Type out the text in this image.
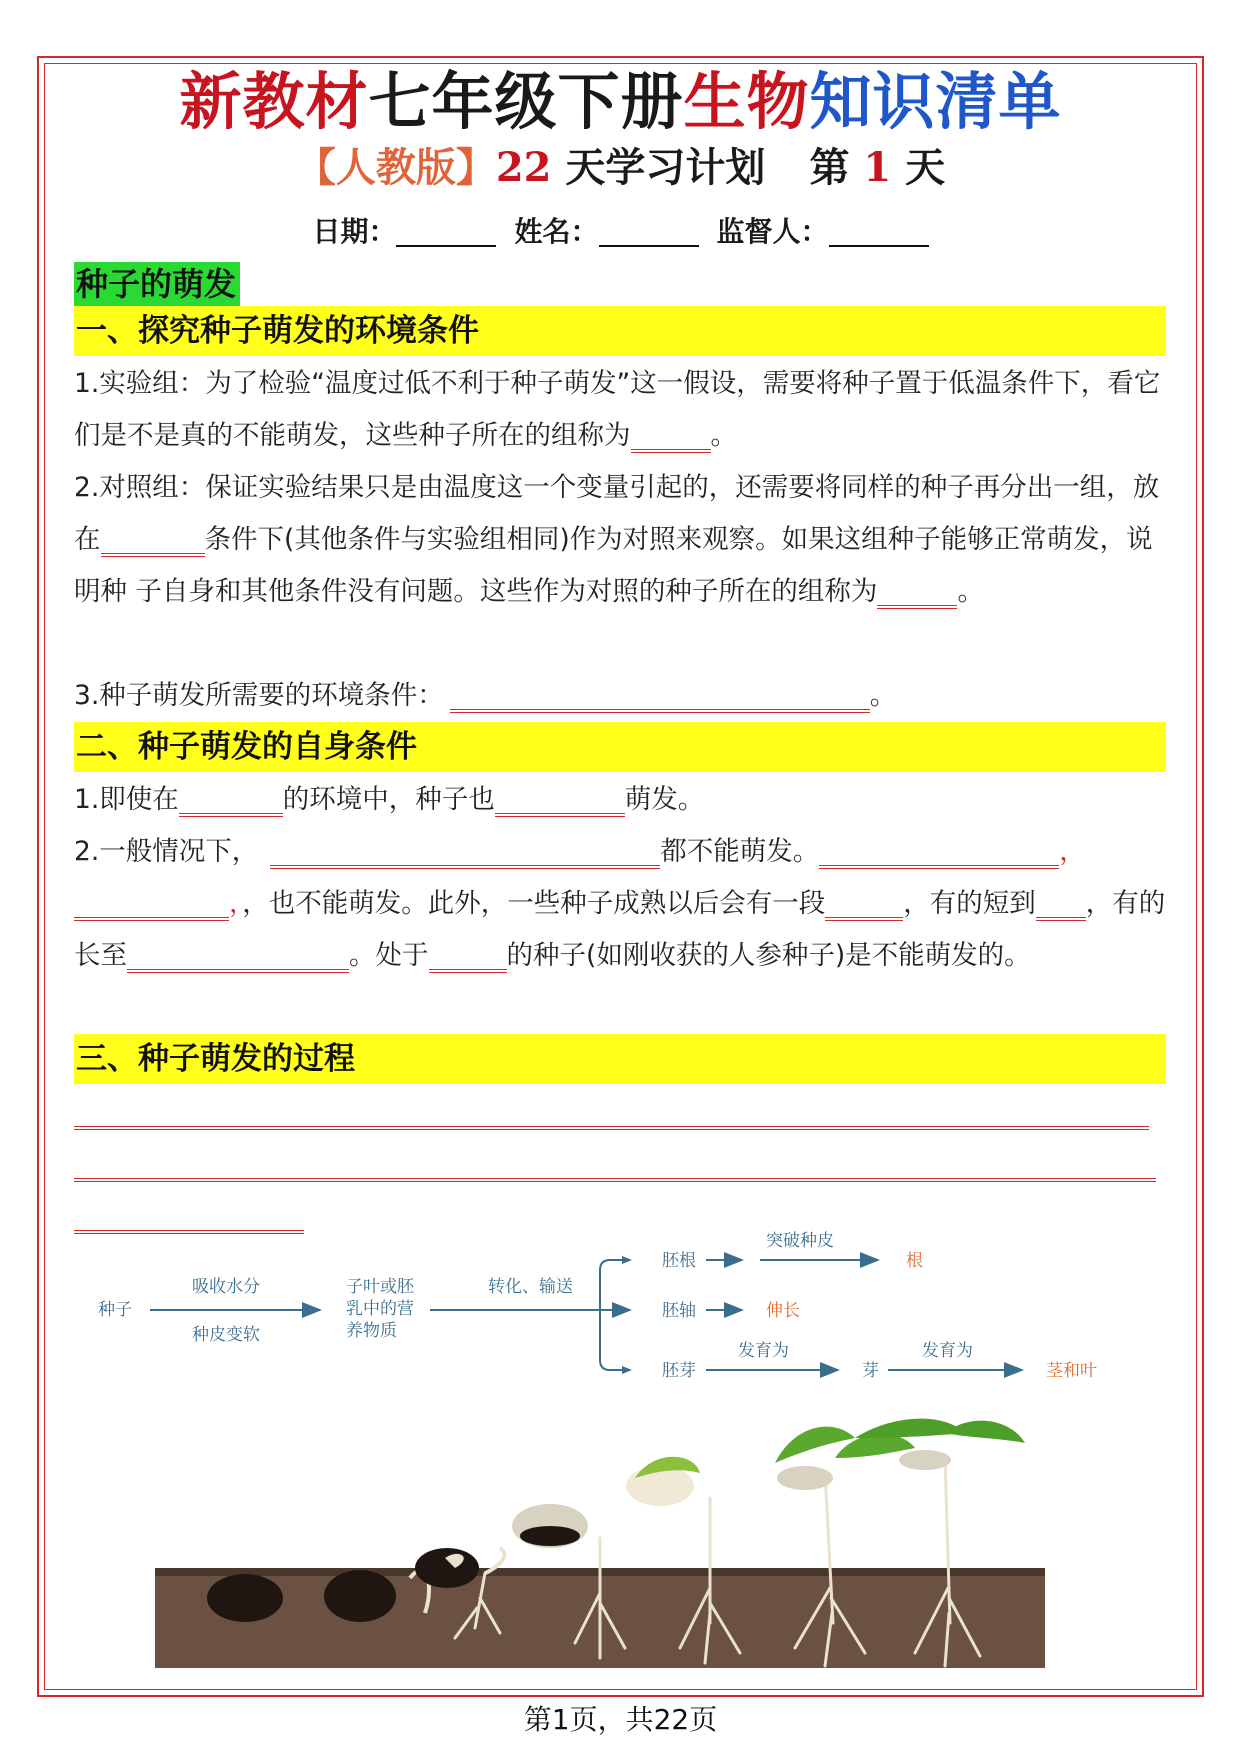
新教材七年级下册生物知识清单
【人教版】22 天学习计划 第 1 天
日期：	姓名：	监督人：
种子的萌发
一、探究种子萌发的环境条件
1.实验组：为了检验“温度过低不利于种子萌发”这一假设，需要将种子置于低温条件下，看它们是不是真的不能萌发，这些种子所在的组称为	。
2.对照组：保证实验结果只是由温度这一个变量引起的，还需要将同样的种子再分出一组，放在	条件下(其他条件与实验组相同)作为对照来观察。如果这组种子能够正常萌发，说明种 子自身和其他条件没有问题。这些作为对照的种子所在的组称为	。
3.种子萌发所需要的环境条件：	。
二、种子萌发的自身条件
1.即使在	的环境中，种子也	萌发。
2.一般情况下，	都不能萌发。	，，，也不能萌发。此外，一些种子成熟以后会有一段	，有的短到 ，有的长至	。处于	的种子(如刚收获的人参种子)是不能萌发的。
三、种子萌发的过程
种子
吸收水分
种皮变软
子叶或胚
乳中的营
养物质
转化、输送
胚根
突破种皮
根
胚轴	伸长
胚芽
发育为
芽
发育为
茎和叶
第1页，共22页
